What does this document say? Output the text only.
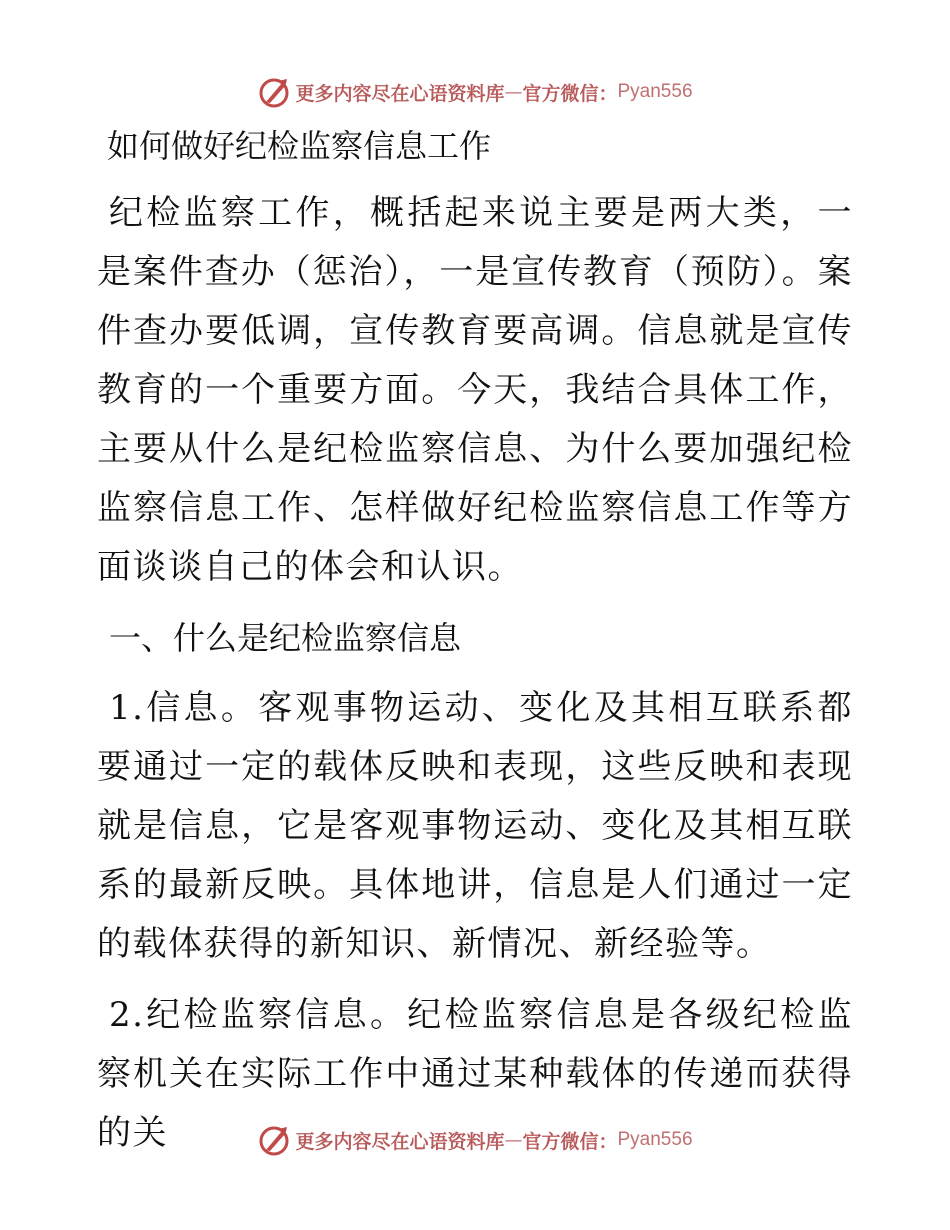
更多内容尽在心语资料库 — 官方微信： Pyan556
如何做好纪检监察信息工作

纪检监察工作，概括起来说主要是两大类，一是案件查办（惩治），一是宣传教育（预防）。案件查办要低调，宣传教育要高调。信息就是宣传教育的一个重要方面。今天，我结合具体工作，主要从什么是纪检监察信息、为什么要加强纪检监察信息工作、怎样做好纪检监察信息工作等方面谈谈自己的体会和认识。

一、什么是纪检监察信息

1.信息。客观事物运动、变化及其相互联系都要通过一定的载体反映和表现，这些反映和表现就是信息，它是客观事物运动、变化及其相互联系的最新反映。具体地讲，信息是人们通过一定的载体获得的新知识、新情况、新经验等。

2.纪检监察信息。纪检监察信息是各级纪检监察机关在实际工作中通过某种载体的传递而获得的关	更多内容尽在心语资料库 — 官方微信： Pyan556
